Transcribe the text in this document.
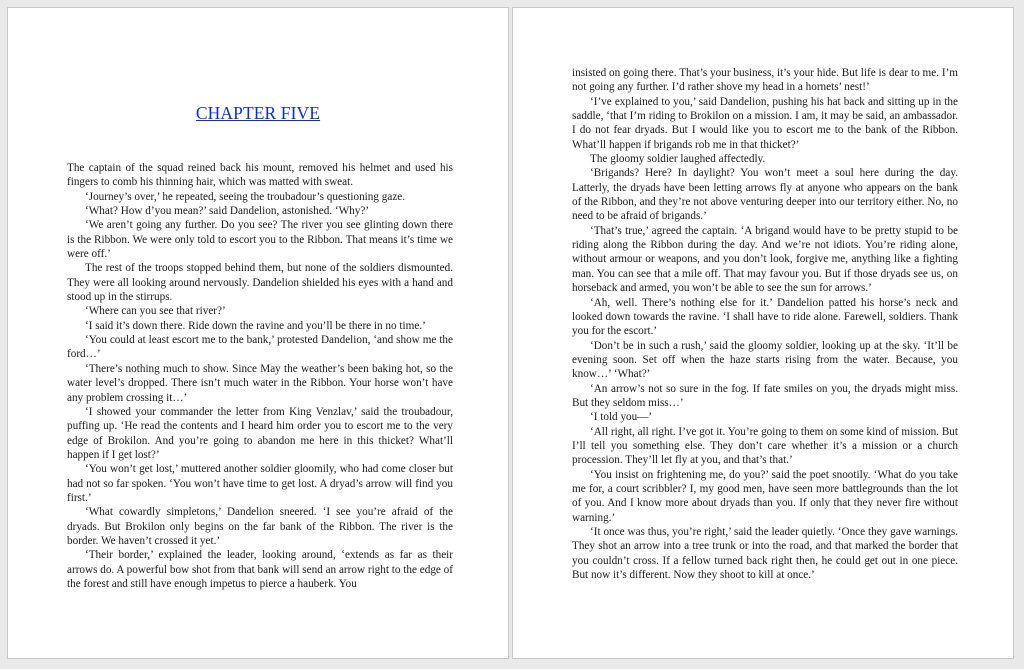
CHAPTER FIVE

The captain of the squad reined back his mount, removed his helmet and used his fingers to comb his thinning hair, which was matted with sweat.

‘Journey’s over,’ he repeated, seeing the troubadour’s questioning gaze.

‘What? How d’you mean?’ said Dandelion, astonished. ‘Why?’

‘We aren’t going any further. Do you see? The river you see glinting down there is the Ribbon. We were only told to escort you to the Ribbon. That means it’s time we were off.’

The rest of the troops stopped behind them, but none of the soldiers dismounted. They were all looking around nervously. Dandelion shielded his eyes with a hand and stood up in the stirrups.

‘Where can you see that river?’

‘I said it’s down there. Ride down the ravine and you’ll be there in no time.’

‘You could at least escort me to the bank,’ protested Dandelion, ‘and show me the ford…’

‘There’s nothing much to show. Since May the weather’s been baking hot, so the water level’s dropped. There isn’t much water in the Ribbon. Your horse won’t have any problem crossing it…’

‘I showed your commander the letter from King Venzlav,’ said the troubadour, puffing up. ‘He read the contents and I heard him order you to escort me to the very edge of Brokilon. And you’re going to abandon me here in this thicket? What’ll happen if I get lost?’

‘You won’t get lost,’ muttered another soldier gloomily, who had come closer but had not so far spoken. ‘You won’t have time to get lost. A dryad’s arrow will find you first.’

‘What cowardly simpletons,’ Dandelion sneered. ‘I see you’re afraid of the dryads. But Brokilon only begins on the far bank of the Ribbon. The river is the border. We haven’t crossed it yet.’

‘Their border,’ explained the leader, looking around, ‘extends as far as their arrows do. A powerful bow shot from that bank will send an arrow right to the edge of the forest and still have enough impetus to pierce a hauberk. You

insisted on going there. That’s your business, it’s your hide. But life is dear to me. I’m not going any further. I’d rather shove my head in a hornets’ nest!’

‘I’ve explained to you,’ said Dandelion, pushing his hat back and sitting up in the saddle, ‘that I’m riding to Brokilon on a mission. I am, it may be said, an ambassador. I do not fear dryads. But I would like you to escort me to the bank of the Ribbon. What’ll happen if brigands rob me in that thicket?’

The gloomy soldier laughed affectedly.

‘Brigands? Here? In daylight? You won’t meet a soul here during the day. Latterly, the dryads have been letting arrows fly at anyone who appears on the bank of the Ribbon, and they’re not above venturing deeper into our territory either. No, no need to be afraid of brigands.’

‘That’s true,’ agreed the captain. ‘A brigand would have to be pretty stupid to be riding along the Ribbon during the day. And we’re not idiots. You’re riding alone, without armour or weapons, and you don’t look, forgive me, anything like a fighting man. You can see that a mile off. That may favour you. But if those dryads see us, on horseback and armed, you won’t be able to see the sun for arrows.’

‘Ah, well. There’s nothing else for it.’ Dandelion patted his horse’s neck and looked down towards the ravine. ‘I shall have to ride alone. Farewell, soldiers. Thank you for the escort.’

‘Don’t be in such a rush,’ said the gloomy soldier, looking up at the sky. ‘It’ll be evening soon. Set off when the haze starts rising from the water. Because, you know…’ ‘What?’

‘An arrow’s not so sure in the fog. If fate smiles on you, the dryads might miss. But they seldom miss…’

‘I told you—’

‘All right, all right. I’ve got it. You’re going to them on some kind of mission. But I’ll tell you something else. They don’t care whether it’s a mission or a church procession. They’ll let fly at you, and that’s that.’

‘You insist on frightening me, do you?’ said the poet snootily. ‘What do you take me for, a court scribbler? I, my good men, have seen more battlegrounds than the lot of you. And I know more about dryads than you. If only that they never fire without warning.’

‘It once was thus, you’re right,’ said the leader quietly. ‘Once they gave warnings. They shot an arrow into a tree trunk or into the road, and that marked the border that you couldn’t cross. If a fellow turned back right then, he could get out in one piece. But now it’s different. Now they shoot to kill at once.’
